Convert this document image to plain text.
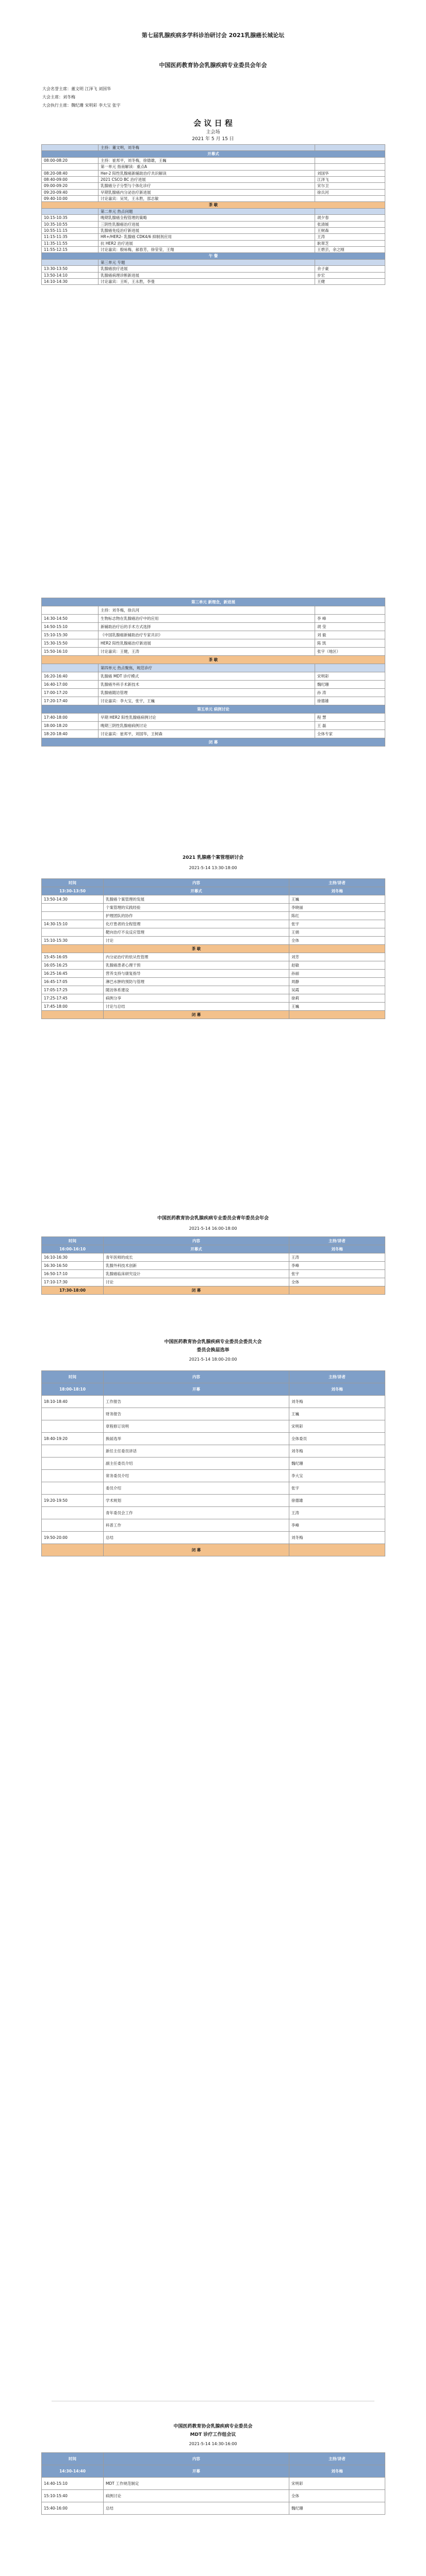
第七届乳腺疾病多学科诊治研讨会 2021乳腺癌长城论坛
中国医药教育协会乳腺疾病专业委员会年会
大会名誉主席：董文明 江泽飞 刘国华
大会主席：刘冬梅
大会执行主席：魏纪珊 宋明彩 李大宝 张宇
会 议 日 程
主会场
2021 年 5 月 15 日
	主持：董文明，刘冬梅	
开幕式		
08:00-08:20	主持：崔邦平，刘冬梅，徐德雄，王巍	
	第一单元 指南解读：重点A	
08:20-08:40	Her-2 阳性乳腺癌新辅助治疗共识解读	刘国华
08:40-09:00	2021 CSCO BC 治疗进展	江泽飞
09:00-09:20	乳腺癌分子分型与个体化诊疗	宋尔卫
09:20-09:40	早期乳腺癌内分泌治疗新进展	徐兵河
09:40-10:00	讨论嘉宾：吴炅，王永胜，邵志敏	
茶 歇		
	第二单元 热点问题	
10:15-10:35	晚期乳腺癌全程管理的策略	胡夕春
10:35-10:55	三阴性乳腺癌治疗进展	张清媛
10:55-11:15	乳腺癌免疫治疗新进展	王树森
11:15-11:35	HR+/HER2- 乳腺癌 CDK4/6 抑制剂应用	王涛
11:35-11:55	抗 HER2 治疗进展	耿翠芝
11:55-12:15	讨论嘉宾：殷咏梅，郝春芳，徐莹莹，王翔	王碧芸，余之刚
午 餐		
	第三单元 专题	
13:30-13:50	乳腺癌放疗进展	余子豪
13:50-14:10	乳腺癌病理诊断新进展	步宏
14:10-14:30	讨论嘉宾：王昕，王永胜，李曼	王健
第三单元 新理念，新进展		
	主持：刘冬梅，徐兵河	
14:30-14:50	生物标志物在乳腺癌治疗中的应用	李 峰
14:50-15:10	新辅助治疗后的手术方式选择	胡 莹
15:10-15:30	《中国乳腺癌新辅助治疗专家共识》	刘 毅
15:30-15:50	HER2 阳性乳腺癌治疗新进展	陈 凯
15:50-16:10	讨论嘉宾：王健，王涛	张宇（地区）
茶 歇		
	第四单元 热点聚焦，规范诊疗	
16:20-16:40	乳腺癌 MDT 诊疗模式	宋明彩
16:40-17:00	乳腺癌外科手术新技术	魏纪珊
17:00-17:20	乳腺癌随访管理	孙 涛
17:20-17:40	讨论嘉宾：李大宝，张宇，王巍	徐德雄
第五单元 病例讨论		
17:40-18:00	早期 HER2 阳性乳腺癌病例讨论	程 慧
18:00-18:20	晚期三阴性乳腺癌病例讨论	王 磊
18:20-18:40	讨论嘉宾：崔邦平，刘国华，王树森	全体专家
闭 幕		
2021 乳腺癌个案管理研讨会
2021-5-14 13:30-18:00
时间	内容	主持/讲者
13:30-13:50	开幕式	刘冬梅
13:50-14:30	乳腺癌个案管理的发展	王巍
	个案管理的实践经验	李晓丽
	护理团队的协作	陈红
14:30-15:10	化疗患者的全程管理	张宇
	靶向治疗不良反应管理	王娟
15:10-15:30	讨论	全体
	茶 歇	
15:45-16:05	内分泌治疗的依从性管理	刘芳
16:05-16:25	乳腺癌患者心理干预	赵敏
16:25-16:45	营养支持与康复指导	孙丽
16:45-17:05	淋巴水肿的预防与管理	周静
17:05-17:25	随访体系建设	吴霞
17:25-17:45	病例分享	徐莉
17:45-18:00	讨论与总结	王巍
	闭 幕	
中国医药教育协会乳腺疾病专业委员会青年委员会年会
2021-5-14 16:00-18:00
时间	内容	主持/讲者
16:00-16:10	开幕式	刘冬梅
16:10-16:30	青年医师的成长	王涛
16:30-16:50	乳腺外科技术创新	李峰
16:50-17:10	乳腺癌临床研究设计	张宇
17:10-17:30	讨论	全体
17:30-18:00	闭 幕	
中国医药教育协会乳腺疾病专业委员会委员大会
委员会换届选举
2021-5-14 18:00-20:00
时间	内容	主持/讲者
18:00-18:10	开幕	刘冬梅
18:10-18:40	工作报告	刘冬梅
	财务报告	王巍
	章程修订说明	宋明彩
18:40-19:20	换届选举	全体委员
	新任主任委员讲话	刘冬梅
	副主任委员介绍	魏纪珊
	常务委员介绍	李大宝
	委员介绍	张宇
19:20-19:50	学术规划	徐德雄
	青年委员会工作	王涛
	科普工作	李峰
19:50-20:00	总结	刘冬梅
	闭 幕	
中国医药教育协会乳腺疾病专业委员会
MDT 诊疗工作组会议
2021-5-14 14:30-16:00
时间	内容	主持/讲者
14:30-14:40	开幕	刘冬梅
14:40-15:10	MDT 工作规范制定	宋明彩
15:10-15:40	病例讨论	全体
15:40-16:00	总结	魏纪珊
